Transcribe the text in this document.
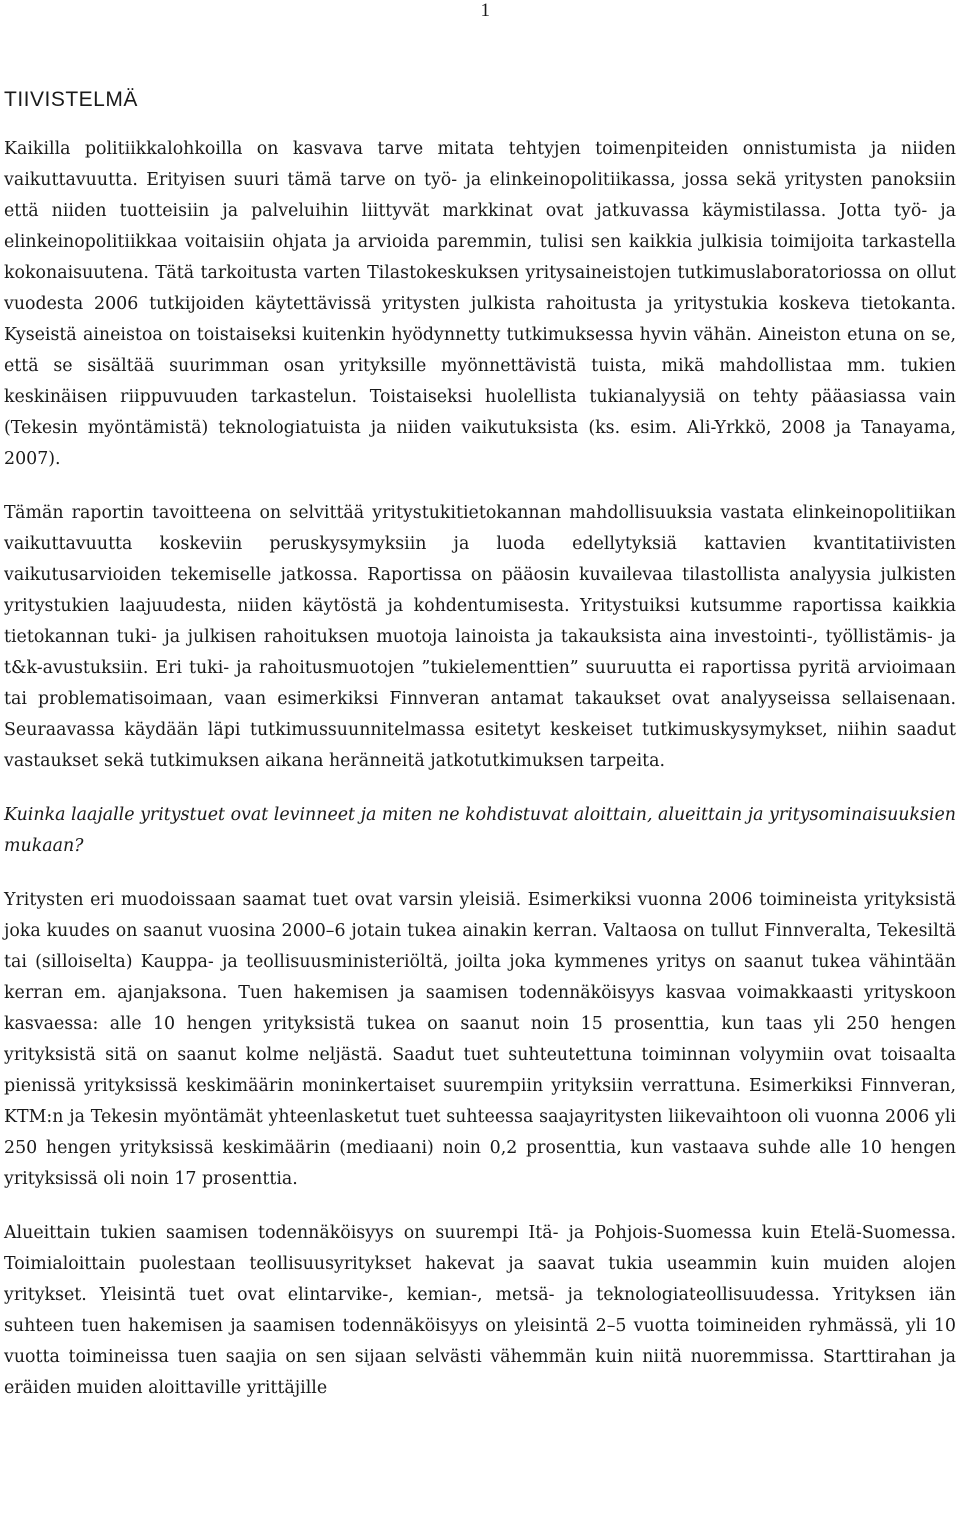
1
TIIVISTELMÄ

Kaikilla politiikkalohkoilla on kasvava tarve mitata tehtyjen toimenpiteiden onnistumista ja niiden vaikuttavuutta. Erityisen suuri tämä tarve on työ- ja elinkeinopolitiikassa, jossa sekä yritysten panoksiin että niiden tuotteisiin ja palveluihin liittyvät markkinat ovat jatkuvassa käymistilassa. Jotta työ- ja elinkeinopolitiikkaa voitaisiin ohjata ja arvioida paremmin, tulisi sen kaikkia julkisia toimijoita tarkastella kokonaisuutena. Tätä tarkoitusta varten Tilastokeskuksen yritysaineistojen tutkimuslaboratoriossa on ollut vuodesta 2006 tutkijoiden käytettävissä yritysten julkista rahoitusta ja yritystukia koskeva tietokanta. Kyseistä aineistoa on toistaiseksi kuitenkin hyödynnetty tutkimuksessa hyvin vähän. Aineiston etuna on se, että se sisältää suurimman osan yrityksille myönnettävistä tuista, mikä mahdollistaa mm. tukien keskinäisen riippuvuuden tarkastelun. Toistaiseksi huolellista tukianalyysiä on tehty pääasiassa vain (Tekesin myöntämistä) teknologiatuista ja niiden vaikutuksista (ks. esim. Ali-Yrkkö, 2008 ja Tanayama, 2007).

Tämän raportin tavoitteena on selvittää yritystukitietokannan mahdollisuuksia vastata elinkeinopolitiikan vaikuttavuutta koskeviin peruskysymyksiin ja luoda edellytyksiä kattavien kvantitatiivisten vaikutusarvioiden tekemiselle jatkossa. Raportissa on pääosin kuvailevaa tilastollista analyysia julkisten yritystukien laajuudesta, niiden käytöstä ja kohdentumisesta. Yritystuiksi kutsumme raportissa kaikkia tietokannan tuki- ja julkisen rahoituksen muotoja lainoista ja takauksista aina investointi-, työllistämis- ja t&k-avustuksiin. Eri tuki- ja rahoitusmuotojen ”tukielementtien” suuruutta ei raportissa pyritä arvioimaan tai problematisoimaan, vaan esimerkiksi Finnveran antamat takaukset ovat analyyseissa sellaisenaan. Seuraavassa käydään läpi tutkimussuunnitelmassa esitetyt keskeiset tutkimuskysymykset, niihin saadut vastaukset sekä tutkimuksen aikana heränneitä jatkotutkimuksen tarpeita.

Kuinka laajalle yritystuet ovat levinneet ja miten ne kohdistuvat aloittain, alueittain ja yritysominaisuuksien mukaan?

Yritysten eri muodoissaan saamat tuet ovat varsin yleisiä. Esimerkiksi vuonna 2006 toimineista yrityksistä joka kuudes on saanut vuosina 2000–6 jotain tukea ainakin kerran. Valtaosa on tullut Finnveralta, Tekesiltä tai (silloiselta) Kauppa- ja teollisuusministeriöltä, joilta joka kymmenes yritys on saanut tukea vähintään kerran em. ajanjaksona. Tuen hakemisen ja saamisen todennäköisyys kasvaa voimakkaasti yrityskoon kasvaessa: alle 10 hengen yrityksistä tukea on saanut noin 15 prosenttia, kun taas yli 250 hengen yrityksistä sitä on saanut kolme neljästä. Saadut tuet suhteutettuna toiminnan volyymiin ovat toisaalta pienissä yrityksissä keskimäärin moninkertaiset suurempiin yrityksiin verrattuna. Esimerkiksi Finnveran, KTM:n ja Tekesin myöntämät yhteenlasketut tuet suhteessa saajayritysten liikevaihtoon oli vuonna 2006 yli 250 hengen yrityksissä keskimäärin (mediaani) noin 0,2 prosenttia, kun vastaava suhde alle 10 hengen yrityksissä oli noin 17 prosenttia.

Alueittain tukien saamisen todennäköisyys on suurempi Itä- ja Pohjois-Suomessa kuin Etelä-Suomessa. Toimialoittain puolestaan teollisuusyritykset hakevat ja saavat tukia useammin kuin muiden alojen yritykset. Yleisintä tuet ovat elintarvike-, kemian-, metsä- ja teknologiateollisuudessa. Yrityksen iän suhteen tuen hakemisen ja saamisen todennäköisyys on yleisintä 2–5 vuotta toimineiden ryhmässä, yli 10 vuotta toimineissa tuen saajia on sen sijaan selvästi vähemmän kuin niitä nuoremmissa. Starttirahan ja eräiden muiden aloittaville yrittäjille
